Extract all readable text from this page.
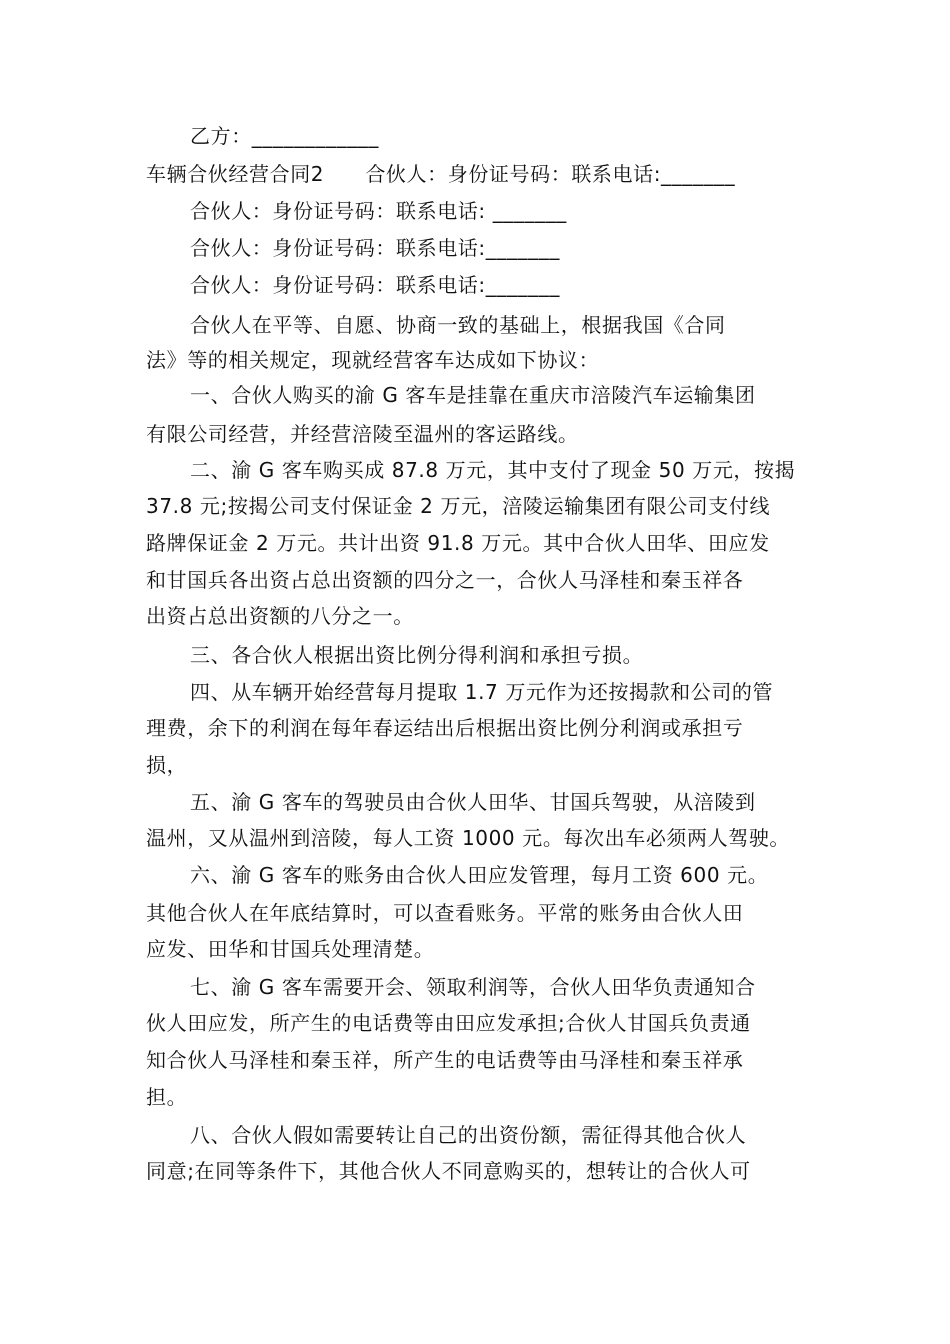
乙方：____________
车辆合伙经营合同2　　合伙人：身份证号码：联系电话:_______
合伙人：身份证号码：联系电话: _______
合伙人：身份证号码：联系电话:_______
合伙人：身份证号码：联系电话:_______
合伙人在平等、自愿、协商一致的基础上，根据我国《合同
法》等的相关规定，现就经营客车达成如下协议：
一、合伙人购买的渝 G 客车是挂靠在重庆市涪陵汽车运输集团
有限公司经营，并经营涪陵至温州的客运路线。
二、渝 G 客车购买成 87.8 万元，其中支付了现金 50 万元，按揭
37.8 元;按揭公司支付保证金 2 万元，涪陵运输集团有限公司支付线
路牌保证金 2 万元。共计出资 91.8 万元。其中合伙人田华、田应发
和甘国兵各出资占总出资额的四分之一，合伙人马泽桂和秦玉祥各
出资占总出资额的八分之一。
三、各合伙人根据出资比例分得利润和承担亏损。
四、从车辆开始经营每月提取 1.7 万元作为还按揭款和公司的管
理费，余下的利润在每年春运结出后根据出资比例分利润或承担亏
损，
五、渝 G 客车的驾驶员由合伙人田华、甘国兵驾驶，从涪陵到
温州，又从温州到涪陵，每人工资 1000 元。每次出车必须两人驾驶。
六、渝 G 客车的账务由合伙人田应发管理，每月工资 600 元。
其他合伙人在年底结算时，可以查看账务。平常的账务由合伙人田
应发、田华和甘国兵处理清楚。
七、渝 G 客车需要开会、领取利润等，合伙人田华负责通知合
伙人田应发，所产生的电话费等由田应发承担;合伙人甘国兵负责通
知合伙人马泽桂和秦玉祥，所产生的电话费等由马泽桂和秦玉祥承
担。
八、合伙人假如需要转让自己的出资份额，需征得其他合伙人
同意;在同等条件下，其他合伙人不同意购买的，想转让的合伙人可
